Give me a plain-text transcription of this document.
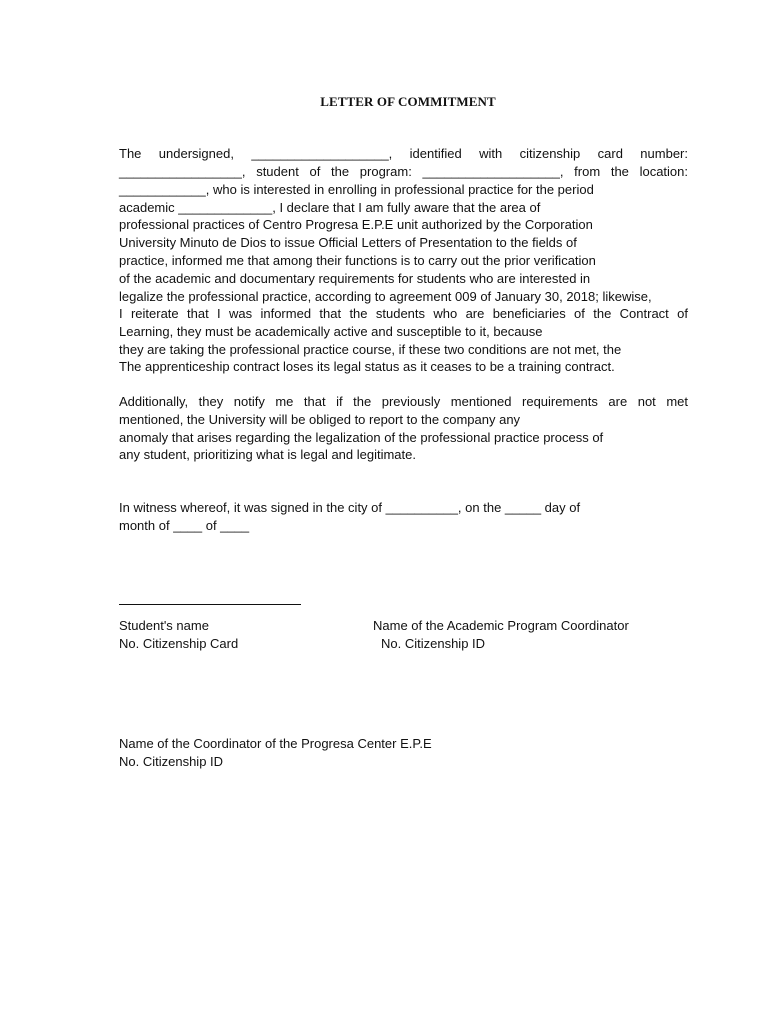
LETTER OF COMMITMENT
The undersigned, ___________________, identified with citizenship card number:
_________________, student of the program: ___________________, from the location:
____________, who is interested in enrolling in professional practice for the period
academic _____________, I declare that I am fully aware that the area of
professional practices of Centro Progresa E.P.E unit authorized by the Corporation
University Minuto de Dios to issue Official Letters of Presentation to the fields of
practice, informed me that among their functions is to carry out the prior verification
of the academic and documentary requirements for students who are interested in
legalize the professional practice, according to agreement 009 of January 30, 2018; likewise,
I reiterate that I was informed that the students who are beneficiaries of the Contract of
Learning, they must be academically active and susceptible to it, because
they are taking the professional practice course, if these two conditions are not met, the
The apprenticeship contract loses its legal status as it ceases to be a training contract.
Additionally, they notify me that if the previously mentioned requirements are not met
mentioned, the University will be obliged to report to the company any
anomaly that arises regarding the legalization of the professional practice process of
any student, prioritizing what is legal and legitimate.
In witness whereof, it was signed in the city of __________, on the _____ day of
month of ____ of ____
Student's name
No. Citizenship Card
Name of the Academic Program Coordinator
No. Citizenship ID
Name of the Coordinator of the Progresa Center E.P.E
No. Citizenship ID
